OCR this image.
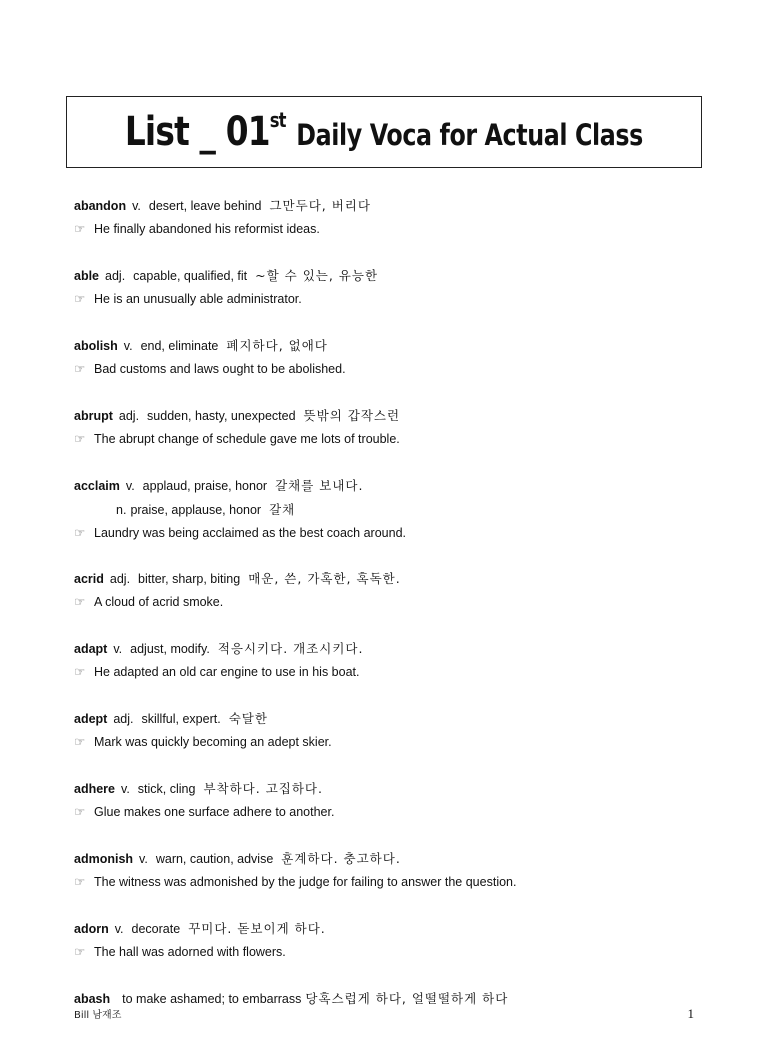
List _ 01st Daily Voca for Actual Class
abandon v. desert, leave behind 그만두다, 버리다
☞ He finally abandoned his reformist ideas.
able adj. capable, qualified, fit ~할 수 있는, 유능한
☞ He is an unusually able administrator.
abolish v. end, eliminate 폐지하다, 없애다
☞ Bad customs and laws ought to be abolished.
abrupt adj. sudden, hasty, unexpected 뜻밖의 갑작스런
☞ The abrupt change of schedule gave me lots of trouble.
acclaim v. applaud, praise, honor 갈채를 보내다.
n. praise, applause, honor 갈채
☞ Laundry was being acclaimed as the best coach around.
acrid adj. bitter, sharp, biting 매운, 쓴, 가혹한, 혹독한.
☞ A cloud of acrid smoke.
adapt v. adjust, modify. 적응시키다. 개조시키다.
☞ He adapted an old car engine to use in his boat.
adept adj. skillful, expert. 숙달한
☞ Mark was quickly becoming an adept skier.
adhere v. stick, cling 부착하다. 고집하다.
☞ Glue makes one surface adhere to another.
admonish v. warn, caution, advise 훈계하다. 충고하다.
☞ The witness was admonished by the judge for failing to answer the question.
adorn v. decorate 꾸미다. 돋보이게 하다.
☞ The hall was adorned with flowers.
abash to make ashamed; to embarrass 당혹스럽게 하다, 얼떨떨하게 하다
Bill 남재조	1
